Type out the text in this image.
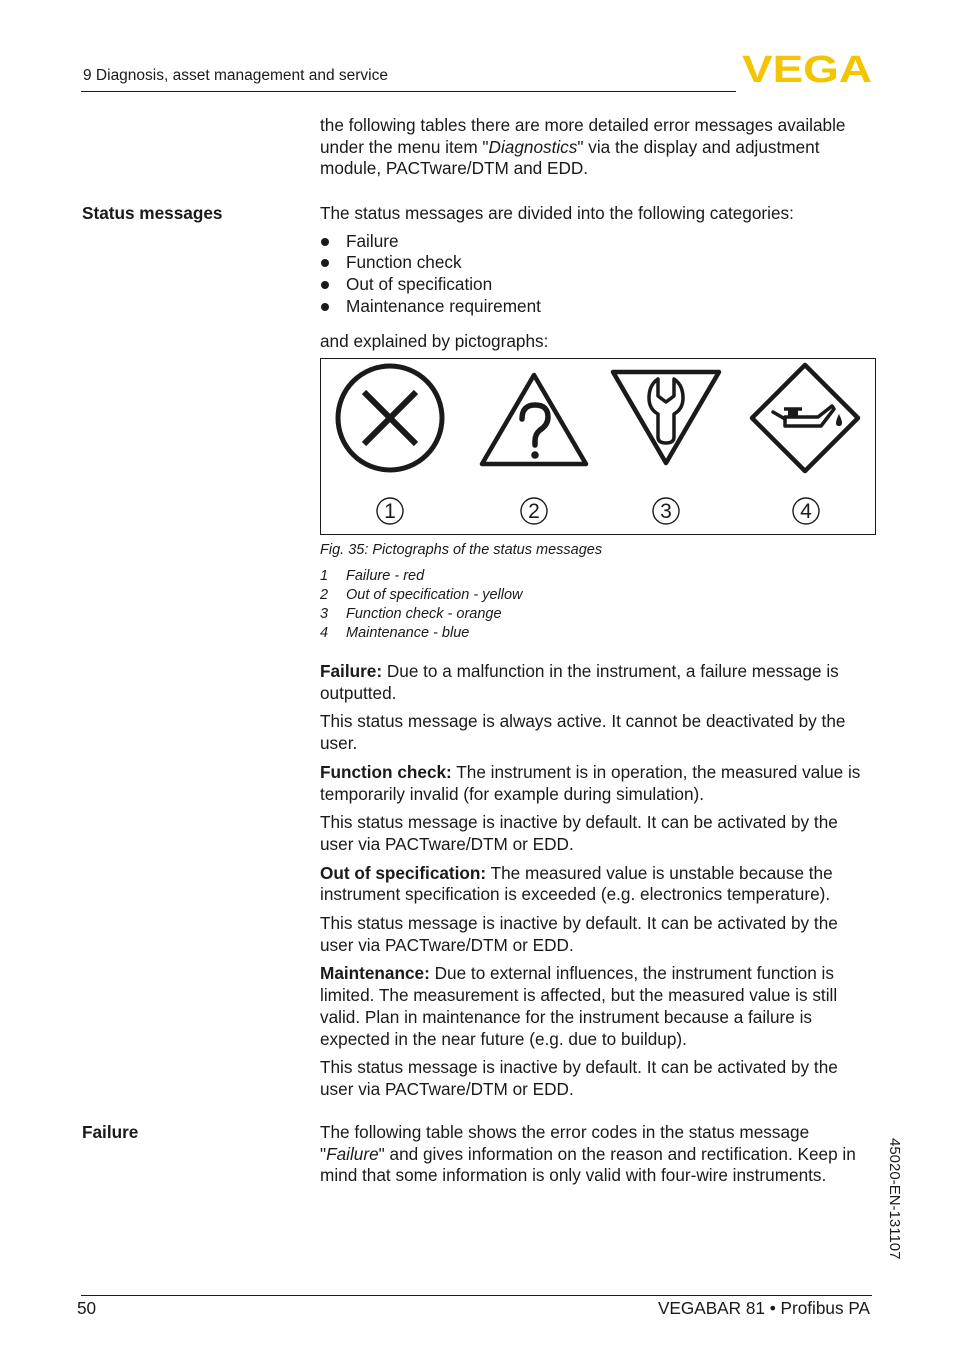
9 Diagnosis, asset management and service	VEGA
the following tables there are more detailed error messages available under the menu item "Diagnostics" via the display and adjustment module, PACTware/DTM and EDD.
Status messages	The status messages are divided into the following categories:
Failure
Function check
Out of specification
Maintenance requirement
and explained by pictographs:
1	2	3	4
Fig. 35: Pictographs of the status messages
1 Failure - red
2 Out of specification - yellow
3 Function check - orange
4 Maintenance - blue

Failure: Due to a malfunction in the instrument, a failure message is outputted.

This status message is always active. It cannot be deactivated by the user.

Function check: The instrument is in operation, the measured value is temporarily invalid (for example during simulation).

This status message is inactive by default. It can be activated by the user via PACTware/DTM or EDD.

Out of specification: The measured value is unstable because the instrument specification is exceeded (e.g. electronics temperature).

This status message is inactive by default. It can be activated by the user via PACTware/DTM or EDD.

Maintenance: Due to external influences, the instrument function is limited. The measurement is affected, but the measured value is still valid. Plan in maintenance for the instrument because a failure is expected in the near future (e.g. due to buildup).

This status message is inactive by default. It can be activated by the user via PACTware/DTM or EDD.

Failure	The following table shows the error codes in the status message "Failure" and gives information on the reason and rectification. Keep in mind that some information is only valid with four-wire instruments.	45020-EN-131107
50	VEGABAR 81 • Profibus PA
